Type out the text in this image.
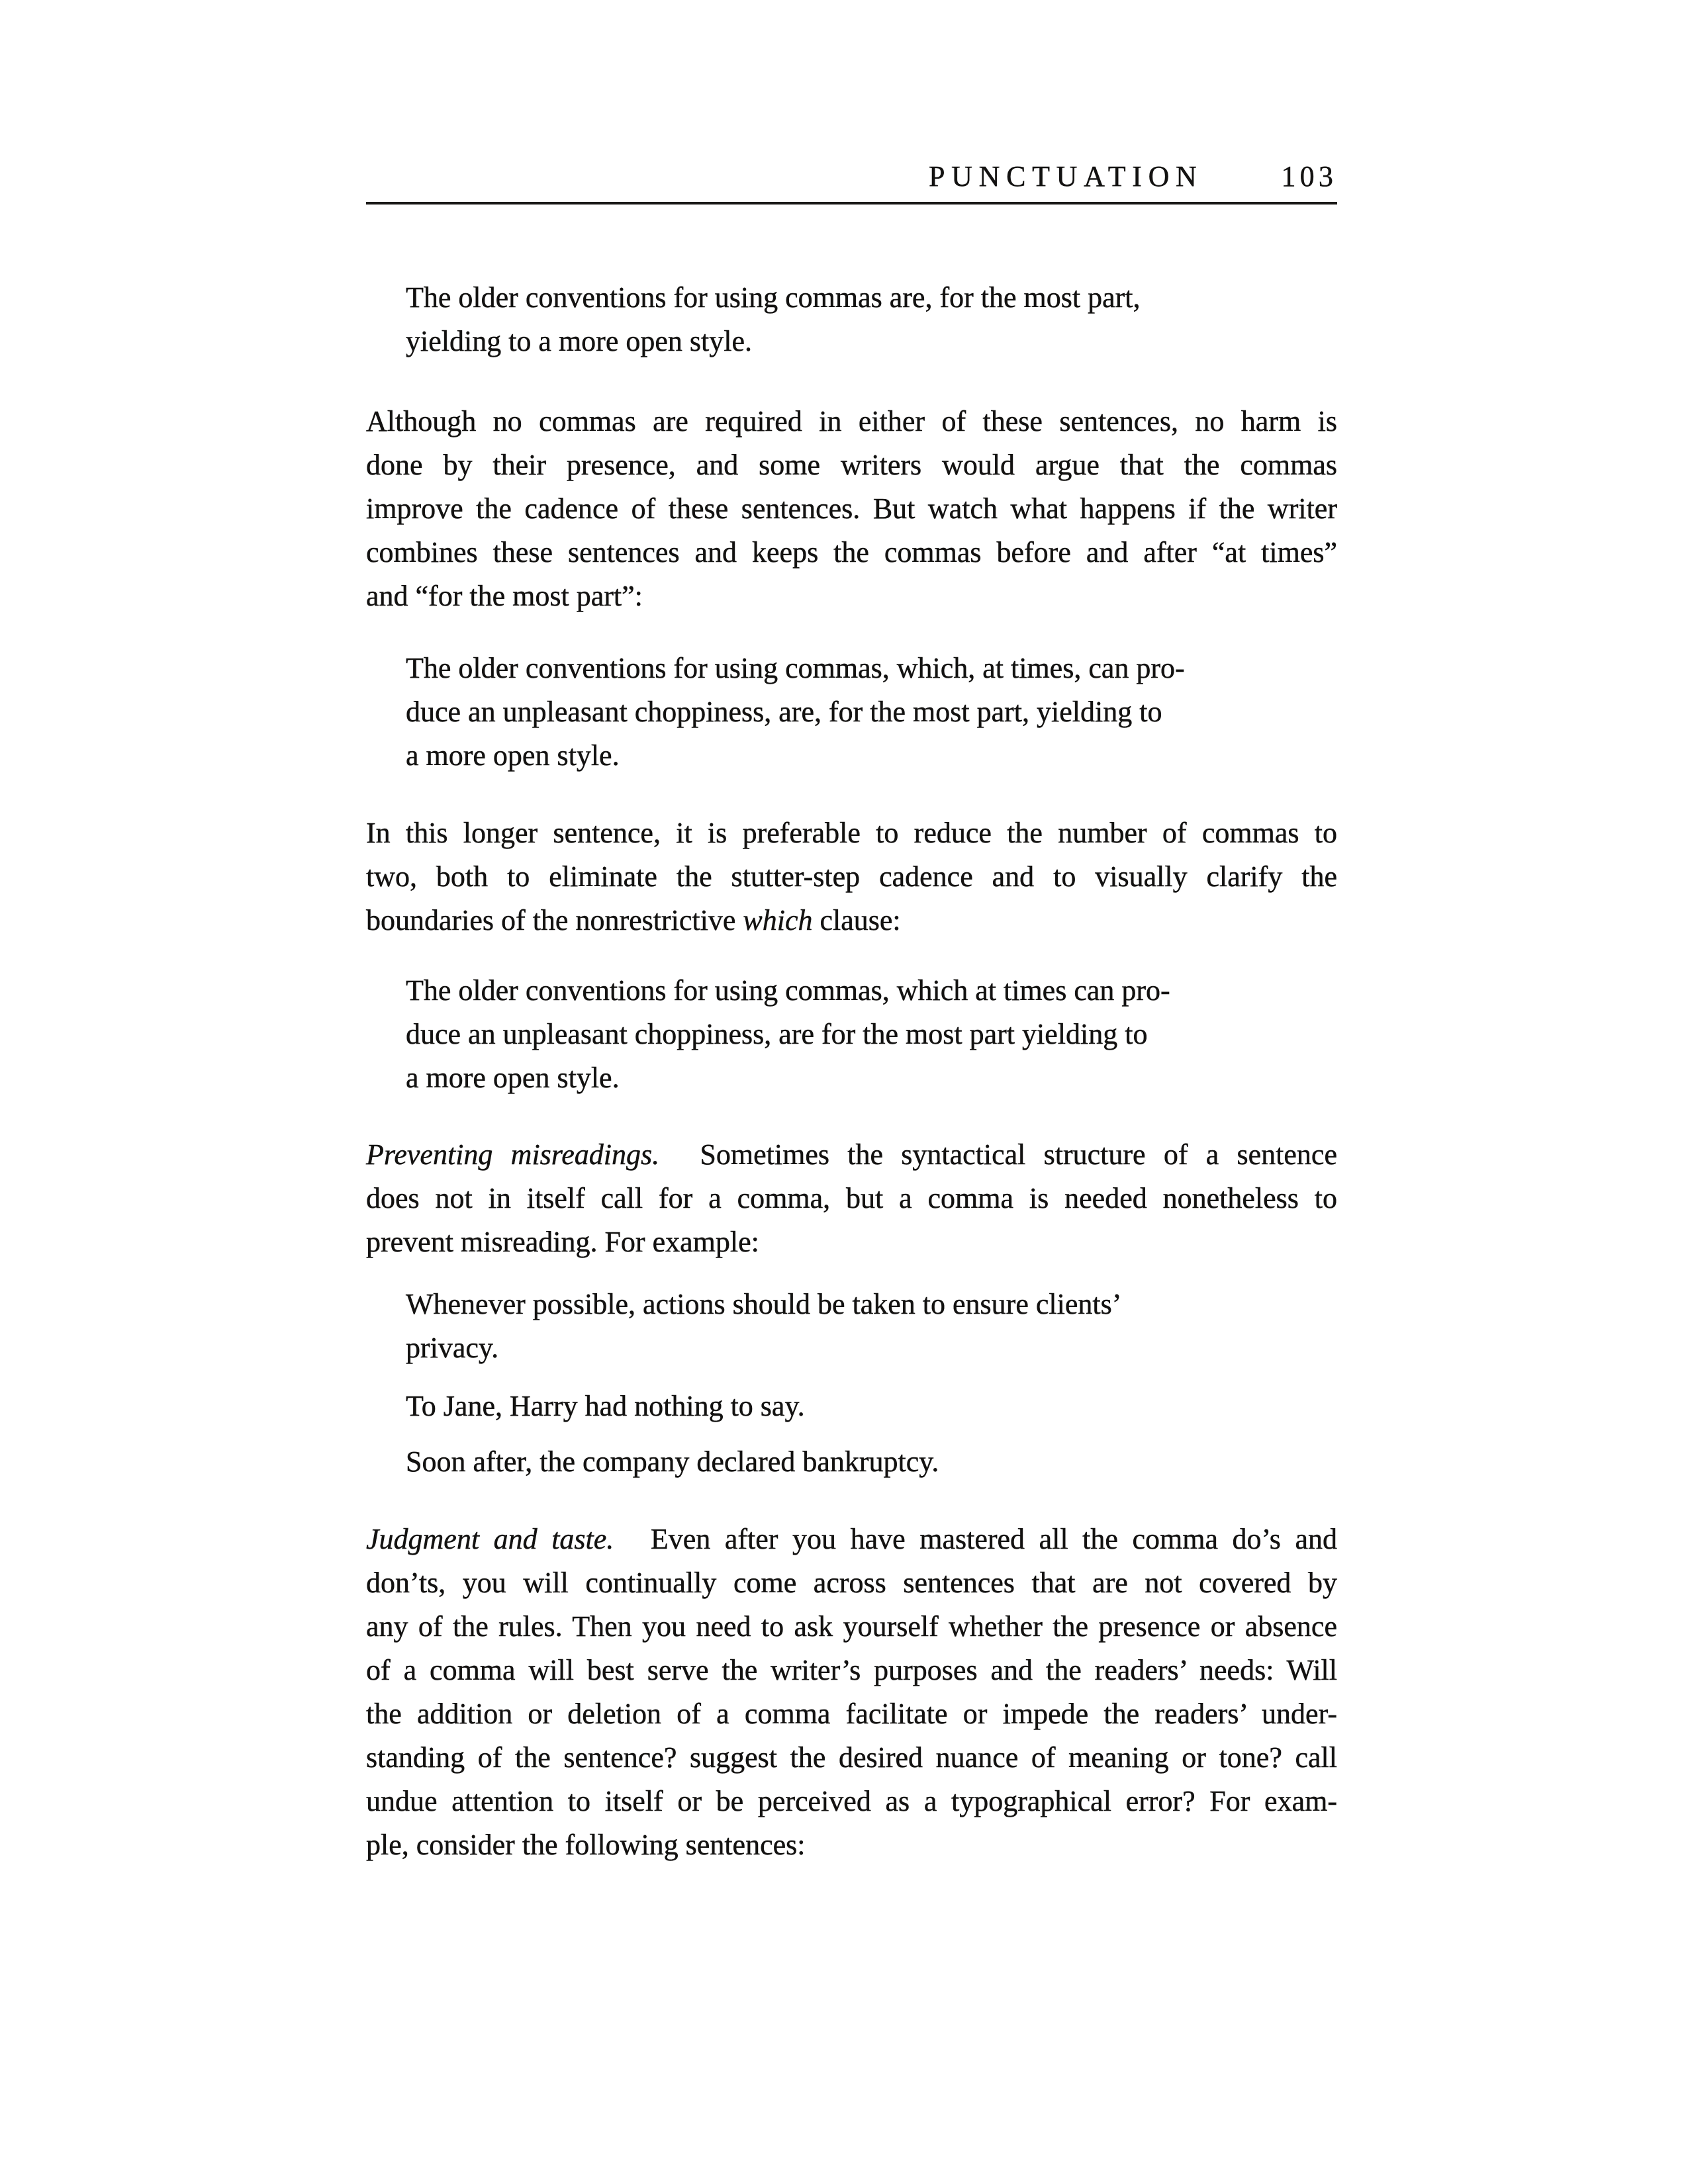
PUNCTUATION	103
The older conventions for using commas are, for the most part,
yielding to a more open style.
Although no commas are required in either of these sentences, no harm is
done by their presence, and some writers would argue that the commas
improve the cadence of these sentences. But watch what happens if the writer
combines these sentences and keeps the commas before and after “at times”
and “for the most part”:
The older conventions for using commas, which, at times, can pro-
duce an unpleasant choppiness, are, for the most part, yielding to
a more open style.
In this longer sentence, it is preferable to reduce the number of commas to
two, both to eliminate the stutter-step cadence and to visually clarify the
boundaries of the nonrestrictive which clause:
The older conventions for using commas, which at times can pro-
duce an unpleasant choppiness, are for the most part yielding to
a more open style.
Preventing misreadings. Sometimes the syntactical structure of a sentence
does not in itself call for a comma, but a comma is needed nonetheless to
prevent misreading. For example:
Whenever possible, actions should be taken to ensure clients’
privacy.
To Jane, Harry had nothing to say.
Soon after, the company declared bankruptcy.
Judgment and taste. Even after you have mastered all the comma do’s and
don’ts, you will continually come across sentences that are not covered by
any of the rules. Then you need to ask yourself whether the presence or absence
of a comma will best serve the writer’s purposes and the readers’ needs: Will
the addition or deletion of a comma facilitate or impede the readers’ under-
standing of the sentence? suggest the desired nuance of meaning or tone? call
undue attention to itself or be perceived as a typographical error? For exam-
ple, consider the following sentences:
